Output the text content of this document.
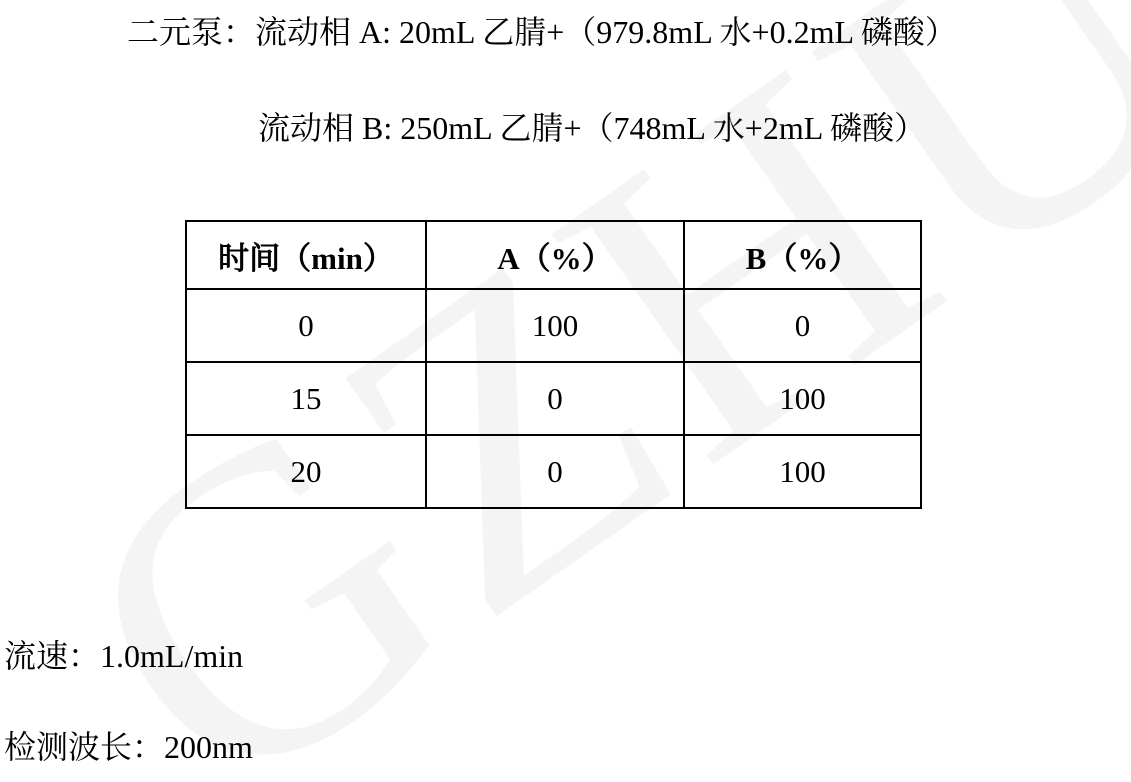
二元泵：流动相 A: 20mL 乙腈+（979.8mL 水+0.2mL 磷酸）
流动相 B: 250mL 乙腈+（748mL 水+2mL 磷酸）
时间（min）	A（%）	B（%）
0	100	0
15	0	100
20	0	100
流速：1.0mL/min
检测波长：200nm
